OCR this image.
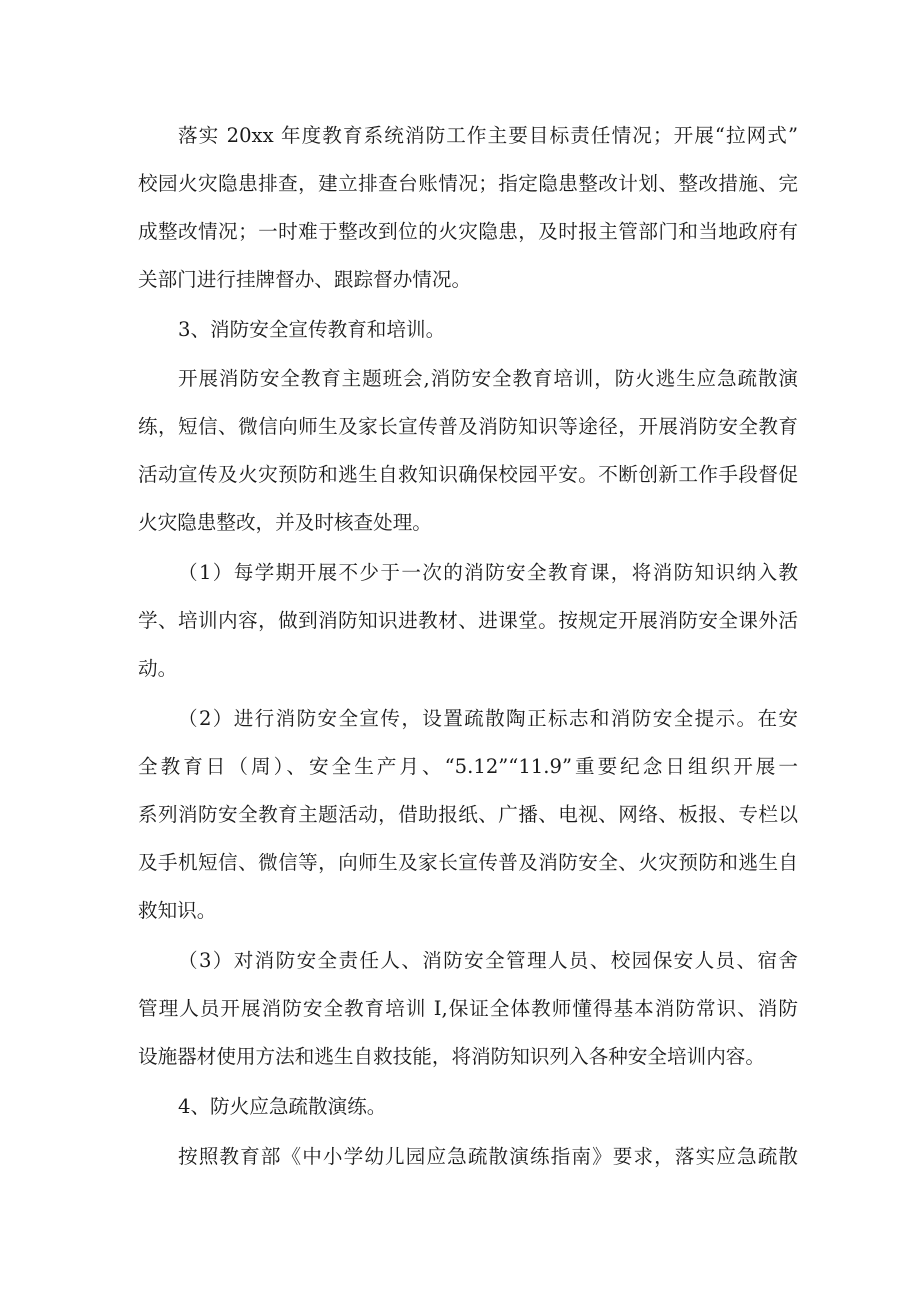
落实 20xx 年度教育系统消防工作主要目标责任情况；开展“拉网式”
校园火灾隐患排查，建立排查台账情况；指定隐患整改计划、整改措施、完
成整改情况；一时难于整改到位的火灾隐患，及时报主管部门和当地政府有
关部门进行挂牌督办、跟踪督办情况。
3、消防安全宣传教育和培训。
开展消防安全教育主题班会,消防安全教育培训，防火逃生应急疏散演
练，短信、微信向师生及家长宣传普及消防知识等途径，开展消防安全教育
活动宣传及火灾预防和逃生自救知识确保校园平安。不断创新工作手段督促
火灾隐患整改，并及时核查处理。
（1）每学期开展不少于一次的消防安全教育课，将消防知识纳入教
学、培训内容，做到消防知识进教材、进课堂。按规定开展消防安全课外活
动。
（2）进行消防安全宣传，设置疏散陶正标志和消防安全提示。在安
全教育日（周）、安全生产月、“5.12”“11.9”重要纪念日组织开展一
系列消防安全教育主题活动，借助报纸、广播、电视、网络、板报、专栏以
及手机短信、微信等，向师生及家长宣传普及消防安全、火灾预防和逃生自
救知识。
（3）对消防安全责任人、消防安全管理人员、校园保安人员、宿舍
管理人员开展消防安全教育培训 I,保证全体教师懂得基本消防常识、消防
设施器材使用方法和逃生自救技能，将消防知识列入各种安全培训内容。
4、防火应急疏散演练。
按照教育部《中小学幼儿园应急疏散演练指南》要求，落实应急疏散
